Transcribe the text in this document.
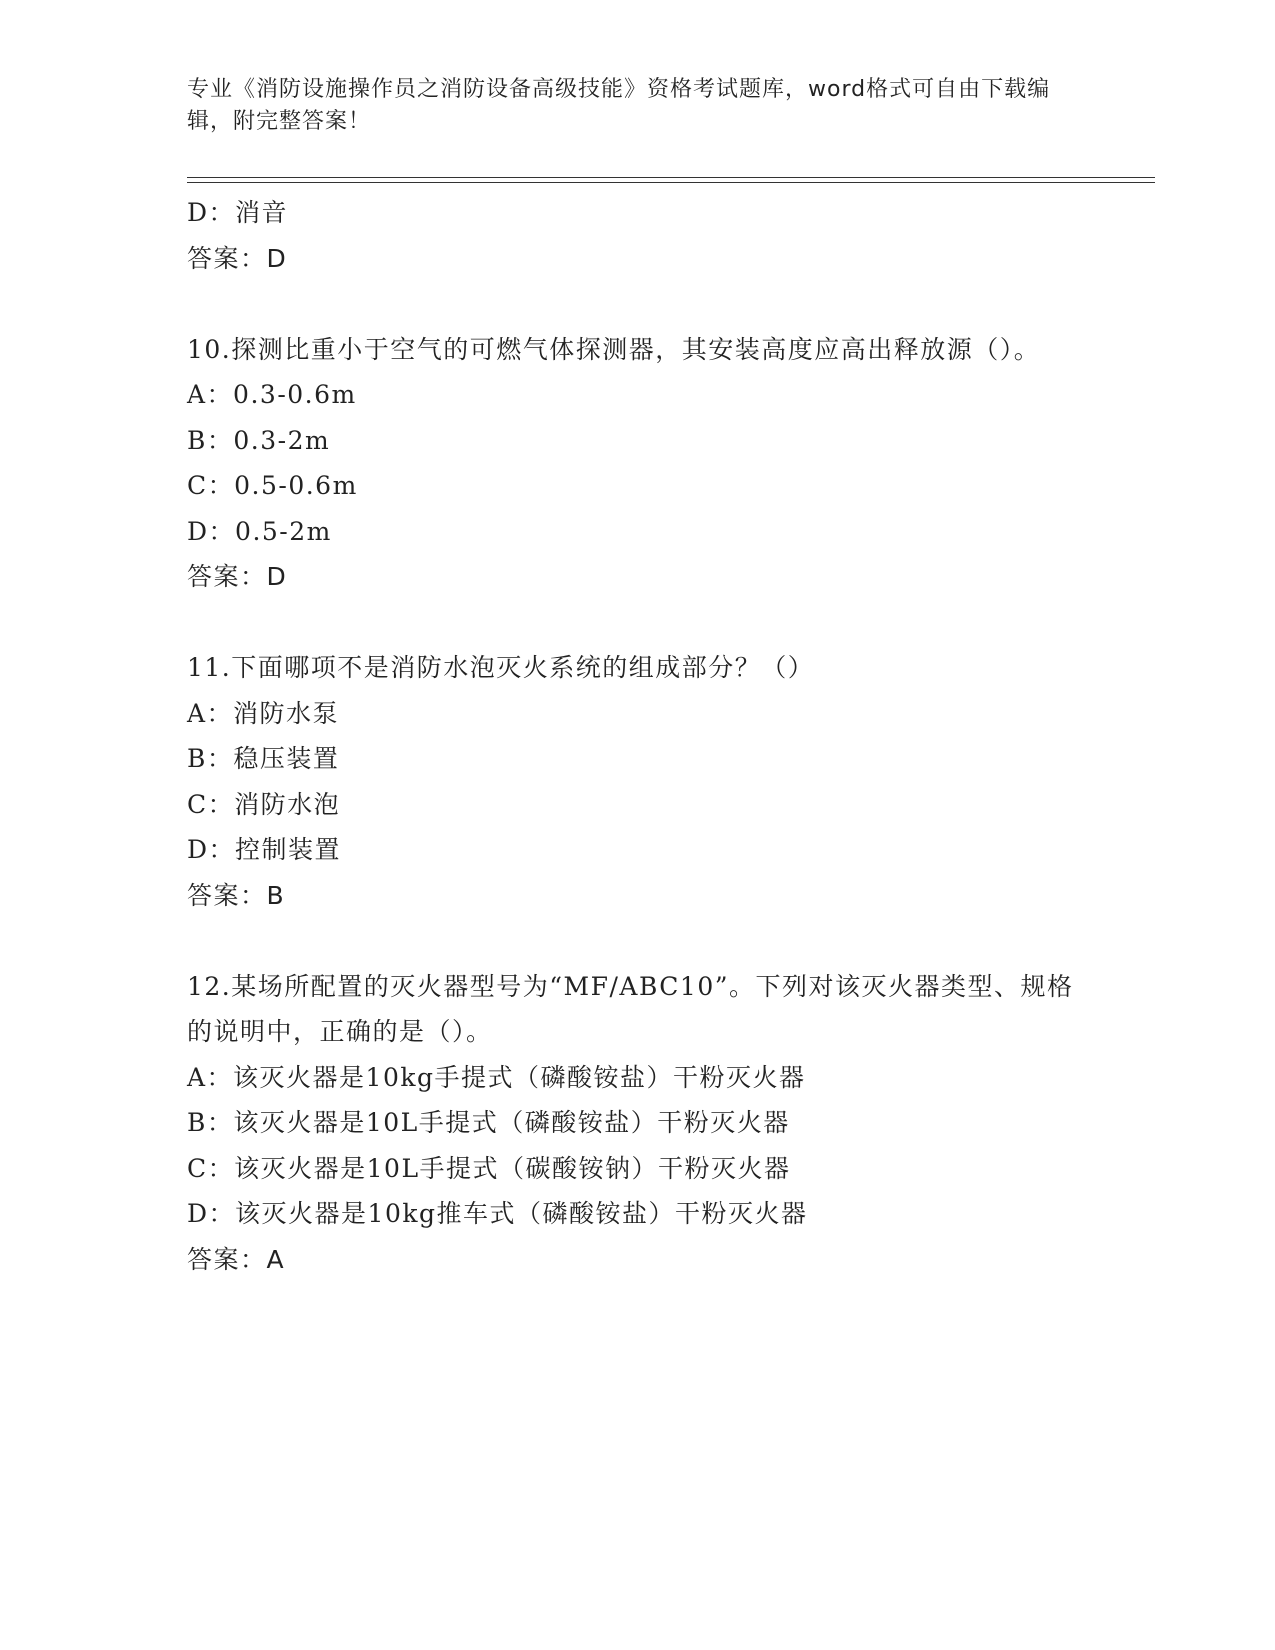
专业《消防设施操作员之消防设备高级技能》资格考试题库，word格式可自由下载编辑，附完整答案！
D：消音
答案：D
10.探测比重小于空气的可燃气体探测器，其安装高度应高出释放源（）。
A：0.3-0.6m
B：0.3-2m
C：0.5-0.6m
D：0.5-2m
答案：D
11.下面哪项不是消防水泡灭火系统的组成部分？（）
A：消防水泵
B：稳压装置
C：消防水泡
D：控制装置
答案：B
12.某场所配置的灭火器型号为“MF/ABC10”。下列对该灭火器类型、规格的说明中，正确的是（）。
A：该灭火器是10kg手提式（磷酸铵盐）干粉灭火器
B：该灭火器是10L手提式（磷酸铵盐）干粉灭火器
C：该灭火器是10L手提式（碳酸铵钠）干粉灭火器
D：该灭火器是10kg推车式（磷酸铵盐）干粉灭火器
答案：A
